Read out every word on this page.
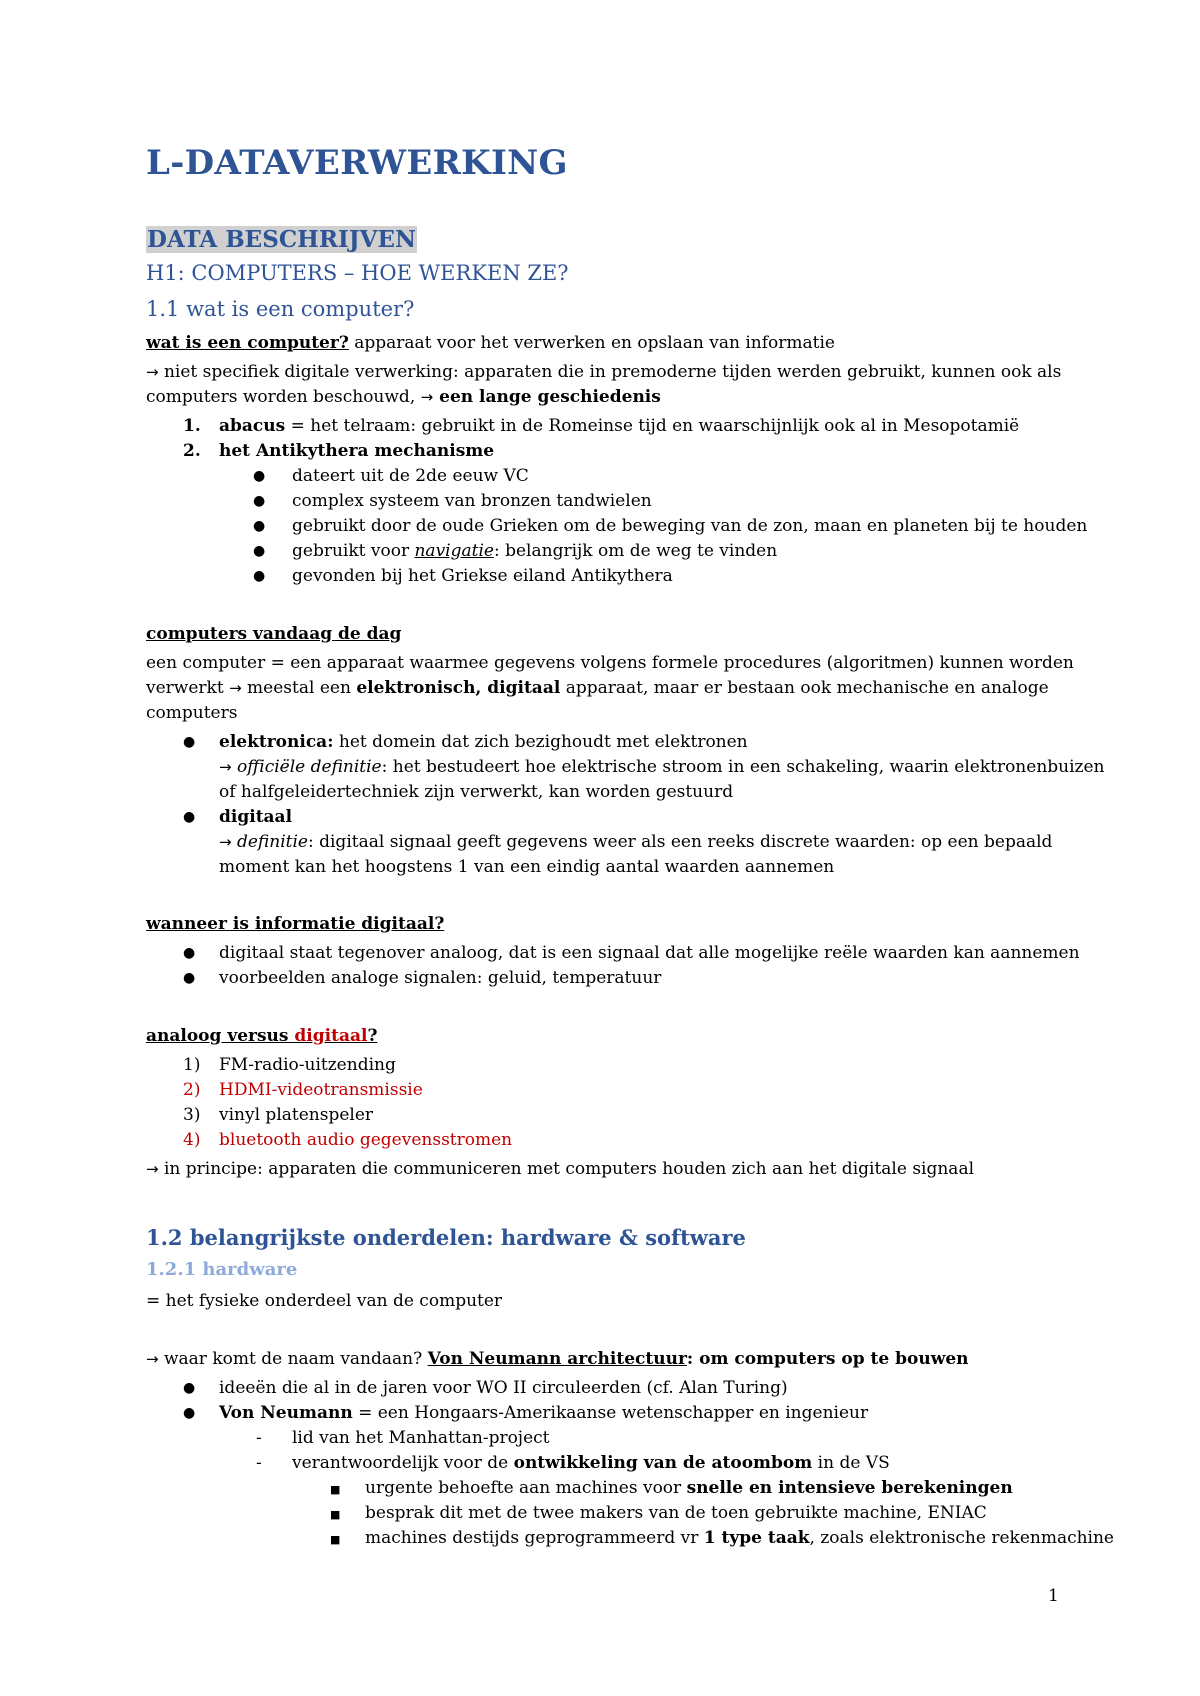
L-DATAVERWERKING
DATA BESCHRIJVEN
H1: COMPUTERS – HOE WERKEN ZE?
1.1 wat is een computer?
wat is een computer? apparaat voor het verwerken en opslaan van informatie
→ niet specifiek digitale verwerking: apparaten die in premoderne tijden werden gebruikt, kunnen ook als
computers worden beschouwd, → een lange geschiedenis
1. abacus = het telraam: gebruikt in de Romeinse tijd en waarschijnlijk ook al in Mesopotamië
2. het Antikythera mechanisme
● dateert uit de 2de eeuw VC
● complex systeem van bronzen tandwielen
● gebruikt door de oude Grieken om de beweging van de zon, maan en planeten bij te houden
● gebruikt voor navigatie: belangrijk om de weg te vinden
● gevonden bij het Griekse eiland Antikythera
computers vandaag de dag
een computer = een apparaat waarmee gegevens volgens formele procedures (algoritmen) kunnen worden
verwerkt → meestal een elektronisch, digitaal apparaat, maar er bestaan ook mechanische en analoge
computers
● elektronica: het domein dat zich bezighoudt met elektronen
→ officiële definitie: het bestudeert hoe elektrische stroom in een schakeling, waarin elektronenbuizen
of halfgeleidertechniek zijn verwerkt, kan worden gestuurd
● digitaal
→ definitie: digitaal signaal geeft gegevens weer als een reeks discrete waarden: op een bepaald
moment kan het hoogstens 1 van een eindig aantal waarden aannemen
wanneer is informatie digitaal?
● digitaal staat tegenover analoog, dat is een signaal dat alle mogelijke reële waarden kan aannemen
● voorbeelden analoge signalen: geluid, temperatuur
analoog versus digitaal?
1) FM-radio-uitzending
2) HDMI-videotransmissie
3) vinyl platenspeler
4) bluetooth audio gegevensstromen
→ in principe: apparaten die communiceren met computers houden zich aan het digitale signaal
1.2 belangrijkste onderdelen: hardware & software
1.2.1 hardware
= het fysieke onderdeel van de computer
→ waar komt de naam vandaan? Von Neumann architectuur: om computers op te bouwen
● ideeën die al in de jaren voor WO II circuleerden (cf. Alan Turing)
● Von Neumann = een Hongaars-Amerikaanse wetenschapper en ingenieur
- lid van het Manhattan-project
- verantwoordelijk voor de ontwikkeling van de atoombom in de VS
■ urgente behoefte aan machines voor snelle en intensieve berekeningen
■ besprak dit met de twee makers van de toen gebruikte machine, ENIAC
■ machines destijds geprogrammeerd vr 1 type taak, zoals elektronische rekenmachine
1
